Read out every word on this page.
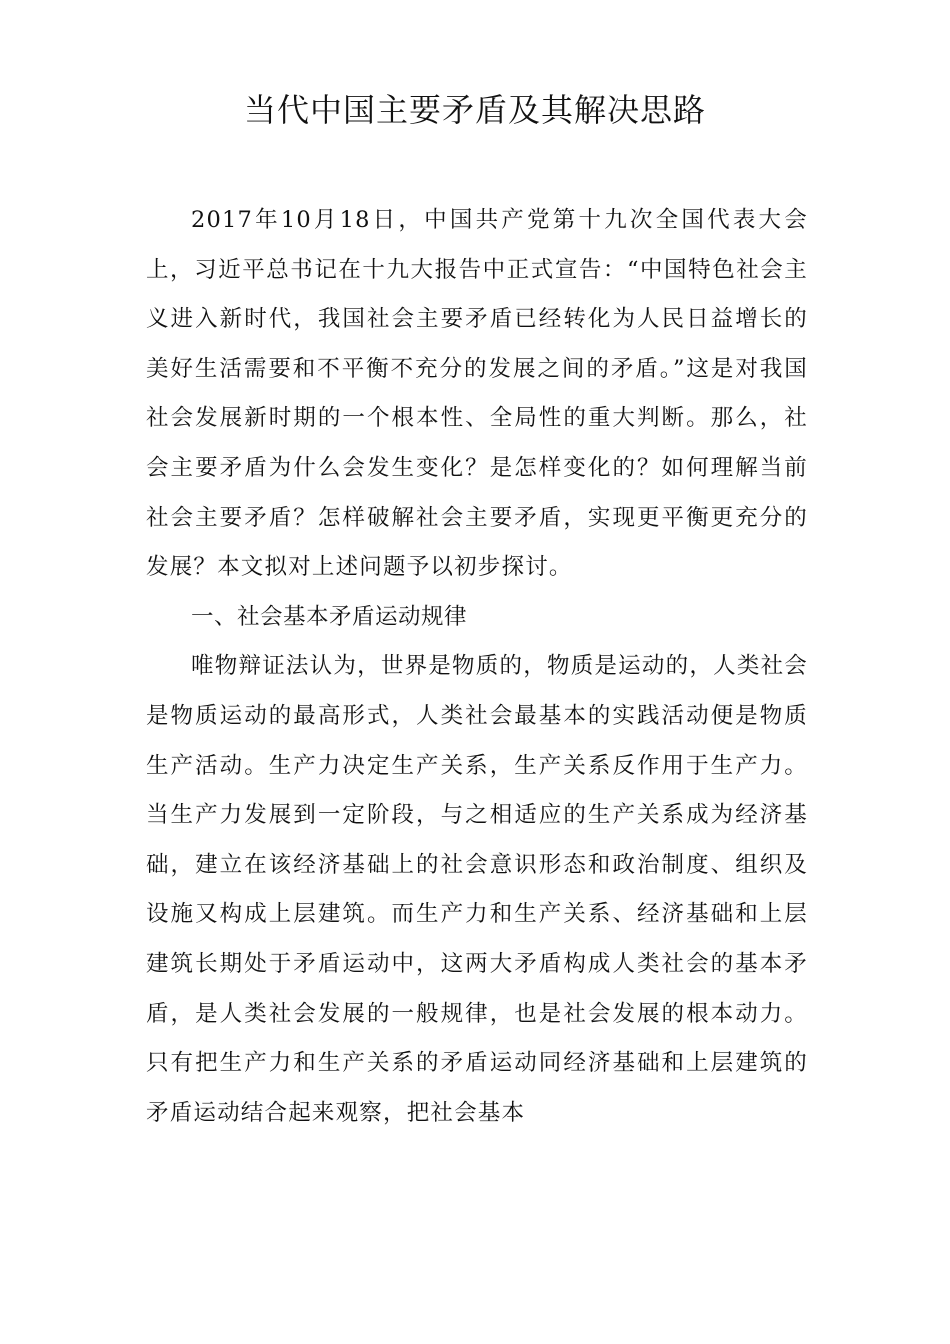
当代中国主要矛盾及其解决思路

2017年10月18日，中国共产党第十九次全国代表大会上，习近平总书记在十九大报告中正式宣告：“中国特色社会主义进入新时代，我国社会主要矛盾已经转化为人民日益增长的美好生活需要和不平衡不充分的发展之间的矛盾。”这是对我国社会发展新时期的一个根本性、全局性的重大判断。那么，社会主要矛盾为什么会发生变化？是怎样变化的？如何理解当前社会主要矛盾？怎样破解社会主要矛盾，实现更平衡更充分的发展？本文拟对上述问题予以初步探讨。

一、社会基本矛盾运动规律

唯物辩证法认为，世界是物质的，物质是运动的，人类社会是物质运动的最高形式，人类社会最基本的实践活动便是物质生产活动。生产力决定生产关系，生产关系反作用于生产力。当生产力发展到一定阶段，与之相适应的生产关系成为经济基础，建立在该经济基础上的社会意识形态和政治制度、组织及设施又构成上层建筑。而生产力和生产关系、经济基础和上层建筑长期处于矛盾运动中，这两大矛盾构成人类社会的基本矛盾，是人类社会发展的一般规律，也是社会发展的根本动力。只有把生产力和生产关系的矛盾运动同经济基础和上层建筑的矛盾运动结合起来观察，把社会基本
